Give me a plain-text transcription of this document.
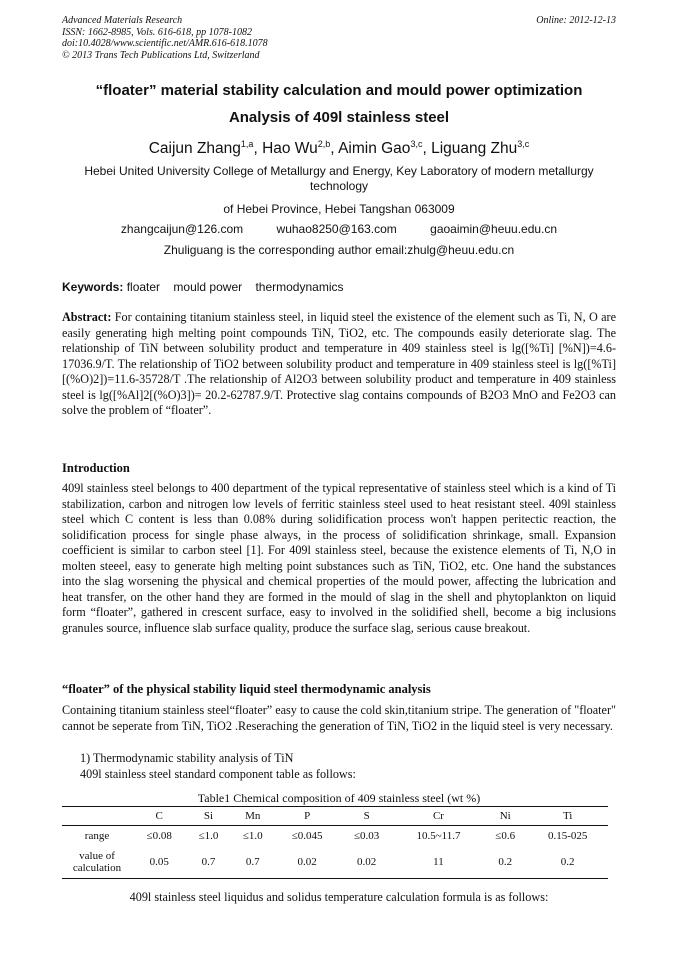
Advanced Materials Research
ISSN: 1662-8985, Vols. 616-618, pp 1078-1082
doi:10.4028/www.scientific.net/AMR.616-618.1078
© 2013 Trans Tech Publications Ltd, Switzerland
Online: 2012-12-13
“floater” material stability calculation and mould power optimization
Analysis of 409l stainless steel
Caijun Zhang$^{1,a}$, Hao Wu$^{2,b}$, Aimin Gao$^{3,c}$, Liguang Zhu$^{3,c}$
Hebei United University College of Metallurgy and Energy, Key Laboratory of modern metallurgy technology
of Hebei Province, Hebei Tangshan 063009
zhangcaijun@126.com	wuhao8250@163.com	gaoaimin@heuu.edu.cn
Zhuliguang is the corresponding author email:zhulg@heuu.edu.cn
Keywords: floater mould power thermodynamics
Abstract: For containing titanium stainless steel, in liquid steel the existence of the element such as Ti, N, O are easily generating high melting point compounds TiN, TiO2, etc. The compounds easily deteriorate slag. The relationship of TiN between solubility product and temperature in 409 stainless steel is lg([%Ti] [%N])=4.6-17036.9/T. The relationship of TiO2 between solubility product and temperature in 409 stainless steel is lg([%Ti][(%O)2])=11.6-35728/T .The relationship of Al2O3 between solubility product and temperature in 409 stainless steel is lg([%Al]2[(%O)3])= 20.2-62787.9/T. Protective slag contains compounds of B2O3 MnO and Fe2O3 can solve the problem of “floater”.
Introduction
409l stainless steel belongs to 400 department of the typical representative of stainless steel which is a kind of Ti stabilization, carbon and nitrogen low levels of ferritic stainless steel used to heat resistant steel. 409l stainless steel which C content is less than 0.08% during solidification process won't happen peritectic reaction, the solidification process for single phase always, in the process of solidification shrinkage, small. Expansion coefficient is similar to carbon steel [1]. For 409l stainless steel, because the existence elements of Ti, N,O in molten steeel, easy to generate high melting point substances such as TiN, TiO2, etc. One hand the substances into the slag worsening the physical and chemical properties of the mould power, affecting the lubrication and heat transfer, on the other hand they are formed in the mould of slag in the shell and phytoplankton on liquid form “floater”, gathered in crescent surface, easy to involved in the solidified shell, become a big inclusions granules source, influence slab surface quality, produce the surface slag, serious cause breakout.
“floater” of the physical stability liquid steel thermodynamic analysis
Containing titanium stainless steel“floater” easy to cause the cold skin,titanium stripe. The generation of "floater" cannot be seperate from TiN, TiO2 .Reseraching the generation of TiN, TiO2 in the liquid steel is very necessary.
1) Thermodynamic stability analysis of TiN
409l stainless steel standard component table as follows:
Table1 Chemical composition of 409 stainless steel (wt %)
	C	Si	Mn	P	S	Cr	Ni	Ti
range	≤0.08	≤1.0	≤1.0	≤0.045	≤0.03	10.5~11.7	≤0.6	0.15-025
value of calculation	0.05	0.7	0.7	0.02	0.02	11	0.2	0.2
409l stainless steel liquidus and solidus temperature calculation formula is as follows:
